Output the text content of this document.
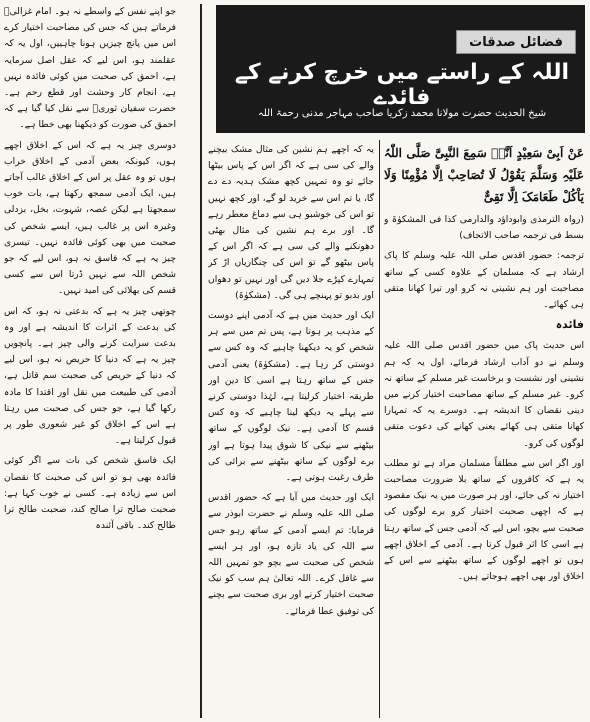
فضائل صدقات
اللہ کے راستے میں خرچ کرنے کے فائدے
شیخ الحدیث حضرت مولانا محمد زکریا صاحب مہاجر مدنی رحمۃ اللہ

عَنْ اَبِیْ سَعِیْدٍ اَنَّہٗ سَمِعَ النَّبِیَّ صَلَّی اللّٰہُ عَلَیْہِ وَسَلَّمَ یَقُوْلُ لَا تُصَاحِبْ اِلَّا مُؤْمِنًا وَلَا یَاْکُلْ طَعَامَکَ اِلَّا تَقِیٌّ

(رواہ الترمذی وابوداؤد والدارمی کذا فی المشکوٰۃ و بسط فی ترجمہ صاحب الاتحاف)

ترجمہ: حضور اقدس صلی اللہ علیہ وسلم کا پاک ارشاد ہے کہ مسلمان کے علاوہ کسی کے ساتھ مصاحبت اور ہم نشینی نہ کرو اور تیرا کھانا متقی ہی کھائے۔

فائدہ

اس حدیث پاک میں حضور اقدس صلی اللہ علیہ وسلم نے دو آداب ارشاد فرمائے، اول یہ کہ ہم نشینی اور نشست و برخاست غیر مسلم کے ساتھ نہ کرو۔ غیر مسلم کے ساتھ مصاحبت اختیار کرنے میں دینی نقصان کا اندیشہ ہے۔ دوسرے یہ کہ تمہارا کھانا متقی ہی کھائے یعنی کھانے کی دعوت متقی لوگوں کی کرو۔

اور اگر اس سے مطلقاً مسلمان مراد ہے تو مطلب یہ ہے کہ کافروں کے ساتھ بلا ضرورت مصاحبت اختیار نہ کی جائے، اور ہر صورت میں یہ نیک مقصود ہے کہ اچھی صحبت اختیار کرو برے لوگوں کی صحبت سے بچو، اس لیے کہ آدمی جس کے ساتھ رہتا ہے اسی کا اثر قبول کرتا ہے۔ آدمی کے اخلاق اچھے ہوں تو اچھے لوگوں کے ساتھ بیٹھنے سے اس کے اخلاق اور بھی اچھے ہوجاتے ہیں۔

یہ کہ اچھے ہم نشین کی مثال مشک بیچنے والے کی سی ہے کہ اگر اس کے پاس بیٹھا جائے تو وہ تمہیں کچھ مشک ہدیہ دے دے گا، یا تم اس سے خرید لو گے، اور کچھ نہیں تو اس کی خوشبو ہی سے دماغ معطر رہے گا۔ اور برے ہم نشین کی مثال بھٹی دھونکنے والے کی سی ہے کہ اگر اس کے پاس بیٹھو گے تو اس کی چنگاریاں اڑ کر تمہارے کپڑے جلا دیں گی اور نہیں تو دھواں اور بدبو تو پہنچے ہی گی۔ (مشکوٰۃ)

ایک اور حدیث میں ہے کہ آدمی اپنے دوست کے مذہب پر ہوتا ہے، پس تم میں سے ہر شخص کو یہ دیکھنا چاہیے کہ وہ کس سے دوستی کر رہا ہے۔ (مشکوٰۃ) یعنی آدمی جس کے ساتھ رہتا ہے اسی کا دین اور طریقہ اختیار کرلیتا ہے، لہٰذا دوستی کرنے سے پہلے یہ دیکھ لینا چاہیے کہ وہ کس قسم کا آدمی ہے۔ نیک لوگوں کے ساتھ بیٹھنے سے نیکی کا شوق پیدا ہوتا ہے اور برے لوگوں کے ساتھ بیٹھنے سے برائی کی طرف رغبت ہوتی ہے۔

ایک اور حدیث میں آیا ہے کہ حضور اقدس صلی اللہ علیہ وسلم نے حضرت ابوذر سے فرمایا: تم ایسے آدمی کے ساتھ رہو جس سے اللہ کی یاد تازہ ہو، اور ہر ایسے شخص کی صحبت سے بچو جو تمہیں اللہ سے غافل کرے۔ اللہ تعالیٰ ہم سب کو نیک صحبت اختیار کرنے اور بری صحبت سے بچنے کی توفیق عطا فرمائے۔

جو اپنے نفس کے واسطے نہ ہو۔ امام غزالیؒ فرماتے ہیں کہ جس کی مصاحبت اختیار کرے اس میں پانچ چیزیں ہونا چاہییں، اول یہ کہ عقلمند ہو، اس لیے کہ عقل اصل سرمایہ ہے، احمق کی صحبت میں کوئی فائدہ نہیں ہے، انجام کار وحشت اور قطع رحم ہے۔ حضرت سفیان ثوریؒ سے نقل کیا گیا ہے کہ احمق کی صورت کو دیکھنا بھی خطا ہے۔

دوسری چیز یہ ہے کہ اس کے اخلاق اچھے ہوں، کیونکہ بعض آدمی کے اخلاق خراب ہوں تو وہ عقل پر اس کے اخلاق غالب آجاتے ہیں، ایک آدمی سمجھ رکھتا ہے، بات خوب سمجھتا ہے لیکن غصہ، شہوت، بخل، بزدلی وغیرہ اس پر غالب ہیں، ایسے شخص کی صحبت میں بھی کوئی فائدہ نہیں۔ تیسری چیز یہ ہے کہ فاسق نہ ہو، اس لیے کہ جو شخص اللہ سے نہیں ڈرتا اس سے کسی قسم کی بھلائی کی امید نہیں۔

چوتھی چیز یہ ہے کہ بدعتی نہ ہو، کہ اس کی بدعت کے اثرات کا اندیشہ ہے اور وہ بدعت سرایت کرنے والی چیز ہے۔ پانچویں چیز یہ ہے کہ دنیا کا حریص نہ ہو، اس لیے کہ دنیا کے حریص کی صحبت سم قاتل ہے، آدمی کی طبیعت میں نقل اور اقتدا کا مادہ رکھا گیا ہے، جو جس کی صحبت میں رہتا ہے اس کے اخلاق کو غیر شعوری طور پر قبول کرلیتا ہے۔

ایک فاسق شخص کی بات سے اگر کوئی فائدہ بھی ہو تو اس کی صحبت کا نقصان اس سے زیادہ ہے۔ کسی نے خوب کہا ہے: صحبت صالح ترا صالح کند، صحبت طالح ترا طالح کند۔ باقی آئندہ
